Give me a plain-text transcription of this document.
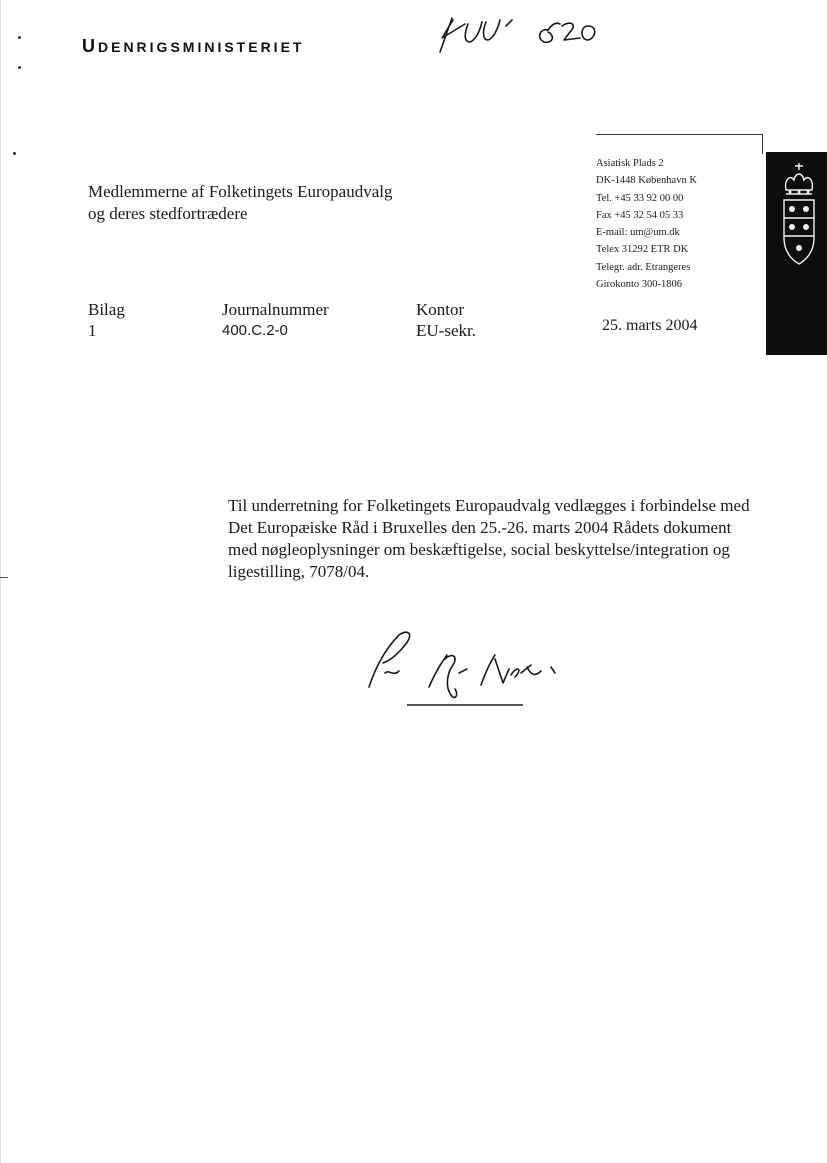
UDENRIGSMINISTERIET
Medlemmerne af Folketingets Europaudvalg
og deres stedfortrædere
Asiatisk Plads 2
DK-1448 København K
Tel. +45 33 92 00 00
Fax +45 32 54 05 33
E-mail: um@um.dk
Telex 31292 ETR DK
Telegr. adr. Etrangeres
Girokonto 300-1806
Bilag
1
Journalnummer
400.C.2-0
Kontor
EU-sekr.	25. marts 2004
Til underretning for Folketingets Europaudvalg vedlægges i forbindelse med
Det Europæiske Råd i Bruxelles den 25.-26. marts 2004 Rådets dokument
med nøgleoplysninger om beskæftigelse, social beskyttelse/integration og
ligestilling, 7078/04.
